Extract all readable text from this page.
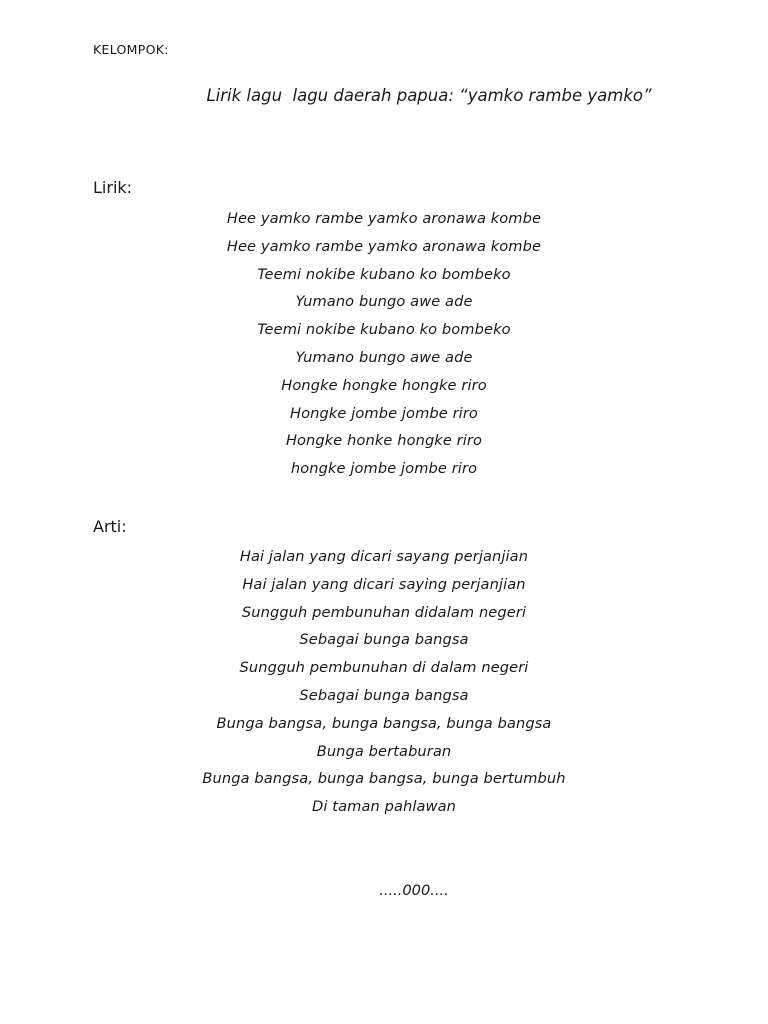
KELOMPOK:
Lirik lagu  lagu daerah papua: “yamko rambe yamko”
Lirik:
Hee yamko rambe yamko aronawa kombe
Hee yamko rambe yamko aronawa kombe
Teemi nokibe kubano ko bombeko
Yumano bungo awe ade
Teemi nokibe kubano ko bombeko
Yumano bungo awe ade
Hongke hongke hongke riro
Hongke jombe jombe riro
Hongke honke hongke riro
hongke jombe jombe riro
Arti:
Hai jalan yang dicari sayang perjanjian
Hai jalan yang dicari saying perjanjian
Sungguh pembunuhan didalam negeri
Sebagai bunga bangsa
Sungguh pembunuhan di dalam negeri
Sebagai bunga bangsa
Bunga bangsa, bunga bangsa, bunga bangsa
Bunga bertaburan
Bunga bangsa, bunga bangsa, bunga bertumbuh
Di taman pahlawan
.....000....
